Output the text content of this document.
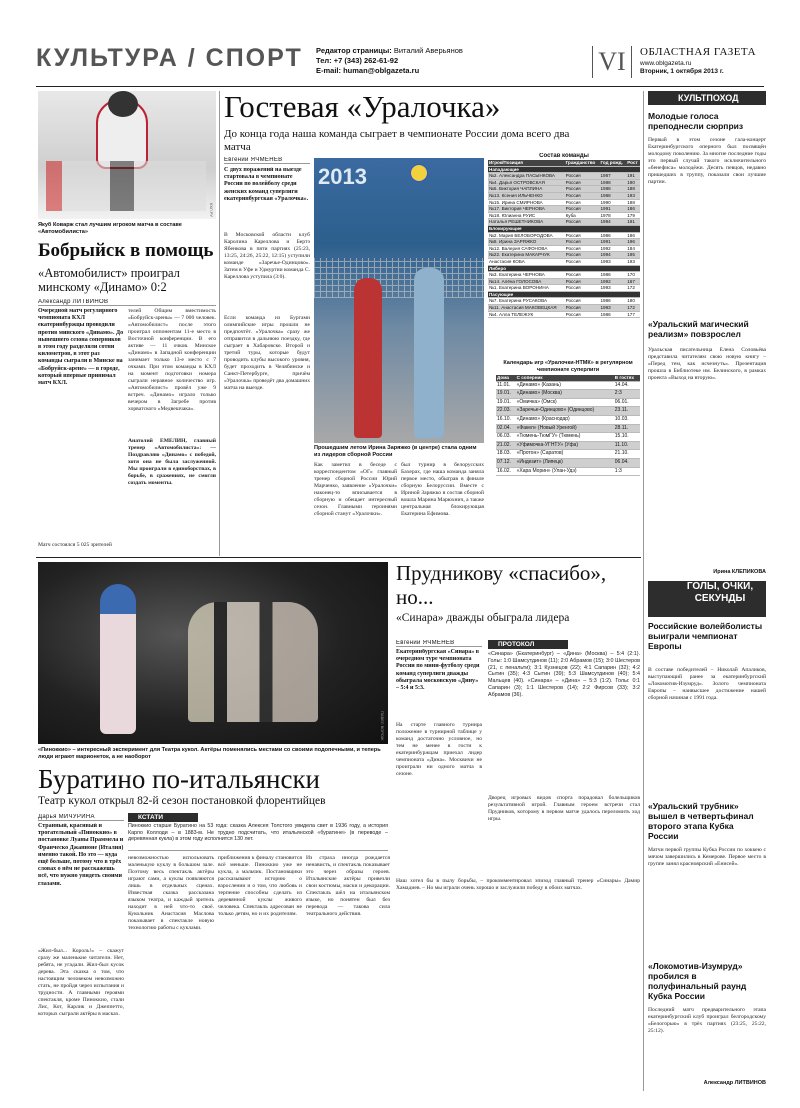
КУЛЬТУРА / СПОРТ	Редактор страницы: Виталий Аверьянов
Тел: +7 (343) 262-61-92
E-mail: human@oblgazeta.ru	VI	ОБЛАСТНАЯ ГАЗЕТА
www.oblgazeta.ru
Вторник, 1 октября 2013 г.
КХЛ.РУ
Якуб Коварж стал лучшим игроком матча в составе «Автомобилиста»
Бобрыйск в помощь
«Автомобилист» проиграл минскому «Динамо» 0:2
Александр ЛИТВИНОВ
Очередной матч регулярного чемпионата КХЛ екатеринбуржцы проводили против минского «Динамо». До нынешнего сезона соперников в этом году разделяли сотни километров, в этот раз команды сыграли в Минске на «Бобруйск-арене» — в городе, который впервые принимал матч КХЛ.
телей Общим вместимость «Бобруйск-арены» — 7 000 человек. «Автомобилист» после этого проиграл оппонентам 11-е место в Восточной конференции. В его активе — 11 очков. Минское «Динамо» в Западной конференции занимает только 13-е место с 7 очками. При этом команды в КХЛ на момент подготовки номера сыграли неравное количество игр. «Автомобилист» провёл уже 9 встреч. «Динамо» играло только вечером в Загребе против хорватского «Медвешчака».
Анатолий ЕМЕЛИН, главный тренер «Автомобилиста»: — Поздравляю «Динамо» с победой, хотя она не была заслуженной. Мы проиграли в единоборствах, в борьбе, в сражениях, не смогли создать моменты.
Матч состоялся 5 025 зрителей
Гостевая «Уралочка»
До конца года наша команда сыграет в чемпионате России дома всего два матча
Евгений ЯЧМЕНЁВ
С двух поражений на выезде стартовала в чемпионате России по волейболу среди женских команд суперлиги екатеринбургская «Уралочка».
В Московской области клуб Каролина Кареллова и Бертэ Ябенкова в пяти партиях (25:23, 13:25, 24:26, 25:22, 12:15) уступили команде «Заречье-Одинцово». Затем в Уфе и Удмуртии команда С. Кареллова уступила (3:0).
Если команда из Бургами олимпийские игры прошли не предпочтёт. «Уралочка» сразу же отправится в дальнюю поездку, где сыграет в Хабаровске. Второй и третий туры, которые будут проводить клубы высокого уровня, будет проходить в Челябинске и Санкт-Петербурге, причём «Уралочка» проведёт два домашних матча на выезде.
2013
Прошедшим летом Ирина Заряжко (в центре) стала одним из лидеров сборной России
Как заметил в беседе с корреспондентом «ОГ» главный тренер сборной России Юрий Марченко, заявление «Уралочки» наконец-то вписывается в сборную и обещает интересный сезон. Главными героинями сборной станут «Уралочки».
был турнир в белорусских Бахерах, где наша команда заняла первое место, обыграв в финале сборную Белоруссии. Вместе с Ириной Заряжко в состав сборной вошла Марина Марюхнич, а также центральная блокирующая Екатерина Ефимова.
Состав команды
Игрок/Позиция	Гражданство	Год рожд.	Рост
Нападающие			
№2. Александра ПАСЫНКОВА	Россия	1987	191
№4. Дарья ОСТРОВСКАЯ	Россия	1988	190
№5. Виктория ЧАПЛИНА	Россия	1988	188
№13. Ксения ИЛЬЧЕНКО	Россия	1988	193
№15. Ирина СМИРНОВА	Россия	1990	188
№17. Виктория ЧЕРНОВА	Россия	1991	186
№18. Юлианна РУИС	Куба	1978	179
Наталья РЕШЕТНИКОВА	Россия	1994	191
Блокирующие			
№2. Мария БЕЛОБОРОДОВА	Россия	1986	186
№8. Ирина ЗАРЯЖКО	Россия	1991	196
№12. Валерия САФОНОВА	Россия	1992	184
№22. Екатерина МАКАРЧУК	Россия	1994	195
Анастасия КОБА	Россия	1993	193
Либеро			
№3. Екатерина ЧЕРНОВА	Россия	1986	170
№14. Алёна ГОЛОСОВА	Россия	1992	167
№1. Екатерина ВОРОНИНА	Россия	1993	172
Пасующие			
№7. Екатерина РУСАКОВА	Россия	1986	180
№11. Анастасия МАКОВЕЦКАЯ	Россия	1993	172
№4. Алла ТЕЛЕЖУК	Россия	1986	177
Календарь игр «Уралочки-НТМК» в регулярном чемпионате суперлиги
Дома	С соперник	В гостях
11.01.	«Динамо» (Казань)	14.04.
19.01.	«Динамо» (Москва)	2:3
19.01.	«Омичка» (Омск)	06.01.
22.03.	«Заречье-Одинцово» (Одинцово)	23.11.
16.10.	«Динамо» (Краснодар)	10.03.
02.04.	«Факел» (Новый Уренгой)	28.11.
06.03.	«Тюмень-ТюмГУ» (Тюмень)	15.10.
21.02.	«Уфимочка-УГНТУ» (Уфа)	11.10.
18.03.	«Протон» (Саратов)	21.10.
07.12.	«Индезит» (Липецк)	06.04.
16.02.	«Хара Морин» (Улан-Удэ)	1:3
ПАВЕЛ ВОРОЖ
«Пиноккио» – интересный эксперимент для Театра кукол. Актёры поменялись местами со своими подопечными, и теперь люди играют марионеток, а не наоборот
Буратино по-итальянски
Театр кукол открыл 82-й сезон постановкой флорентийцев
Дарья МИЧУРИНА
Странный, красивый и трогательный «Пиноккио» в постановке Луаны Праммела и Франческо Джанноне (Италия) именно такой. Но это — куда ещё больше, потому что в трёх словах о нём не расскажешь всё, что нужно увидеть своими глазами.
КСТАТИ
Пиноккио старше Буратино на 53 года: сказка Алексея Толстого увидела свет в 1936 году, а история Карло Коллоди – в 1883-м. Не трудно подсчитать, что итальянской «буратине» (в переводе – деревянная кукла) в этом году исполнится 130 лет.
«Жил-был... Король!» – скажут сразу же маленькие читатели. Нет, ребята, не угадали. Жил-был кусок дерева. Эта сказка о том, что настоящим человеком невозможно стать, не пройдя через испытания и трудности. А главными героями спектакля, кроме Пиноккио, стали Лис, Кот, Карлик и Джеппетто, которых сыграли актёры в масках.
невозможностью использовать маленькую куклу в большом зале. Поэтому весь спектакль актёры играют сами, а куклы появляются лишь в отдельных сценах. Известная сказка рассказана языком театра, и каждый зритель находит в ней что-то своё. Кукольник Анастасия Маслова показывает в спектакле новую технологию работы с куклами.
приближения к финалу становится всё меньше. Пиноккио уже не кукла, а мальчик. Постановщики рассказывают историю о взрослении и о том, что любовь и терпение способны сделать из деревянной куклы живого человека. Спектакль адресован не только детям, но и их родителям.
Из страха иногда рождается ненависть, и спектакль показывает это через образы героев. Итальянские актёры привезли свои костюмы, маски и декорации. Спектакль шёл на итальянском языке, но понятен был без перевода — такова сила театрального действия.
Прудникову «спасибо», но...
«Синара» дважды обыграла лидера
Евгений ЯЧМЕНЁВ
Екатеринбургская «Синара» в очередном туре чемпионата России по мини-футболу среди команд суперлиги дважды обыграла московскую «Дину» – 5:4 и 5:3.
На старте главного турнира положение в турнирной таблице у команд достаточно условное, но тем не менее в гости к екатеринбуржцам приехал лидер чемпионата «Дина». Москвичи не проиграли ни одного матча в сезоне.
ПРОТОКОЛ
«Синара» (Екатеринбург) – «Дина» (Москва) – 5:4 (2:1). Голы: 1:0 Шамсутдинов (11); 2:0 Абрамов (15); 3:0 Шестеров (21, с пенальти); 3:1 Кузнецов (22); 4:1 Сапарин (32); 4:2 Сытин (35); 4:3 Сытин (39); 5:3 Шамсутдинов (40); 5:4 Мальцев (40). «Синара» – «Дина» – 5:3 (1:2). Голы: 0:1 Сапарин (3); 1:1 Шестеров (14); 2:2 Фирсов (33); 3:2 Абрамов (36).
Дворец игровых видов спорта порадовал болельщиков результативной игрой. Главным героем встречи стал Прудников, которому в первом матче удалось переломить ход игры.
Наш хотел бы в пылу борьбы, – прокомментировал эпизод главный тренер «Синары» Дамир Хамадиев. – Но мы играли очень хорошо и заслужили победу в обоих матчах.
КУЛЬТПОХОД
Молодые голоса преподнесли сюрприз
Первый в этом сезоне гала-концерт Екатеринбургского оперного был посвящён молодому поколению. За многие последние годы это первый случай такого исключительного «бенефиса» молодёжи. Десять певцов, недавно пришедших в труппу, показали свои лучшие партии.
«Уральский магический реализм» повзрослел
Уральская писательница Елена Соловьёва представила читателям свою новую книгу – «Перед тем, как исчезнуть». Презентация прошла в Библиотеке им. Белинского, в рамках проекта «Выход на вторую».
Ирина КЛЕПИКОВА
ГОЛЫ, ОЧКИ, СЕКУНДЫ
Российские волейболисты выиграли чемпионат Европы
В составе победителей – Николай Апаликов, выступающий ранее за екатеринбургский «Локомотив-Изумруд». Золото чемпионата Европы – наивысшее достижение нашей сборной начиная с 1991 года.
«Уральский трубник» вышел в четвертьфинал второго этапа Кубка России
Матчи первой группы Кубка России по хоккею с мячом завершились в Кемерове. Первое место в группе занял красноярский «Енисей».
«Локомотив-Изумруд» пробился в полуфинальный раунд Кубка России
Последний матч предварительного этапа екатеринбургский клуб проиграл белгородскому «Белогорью» в трёх партиях (23:25, 25:22, 25:12).
Александр ЛИТВИНОВ
